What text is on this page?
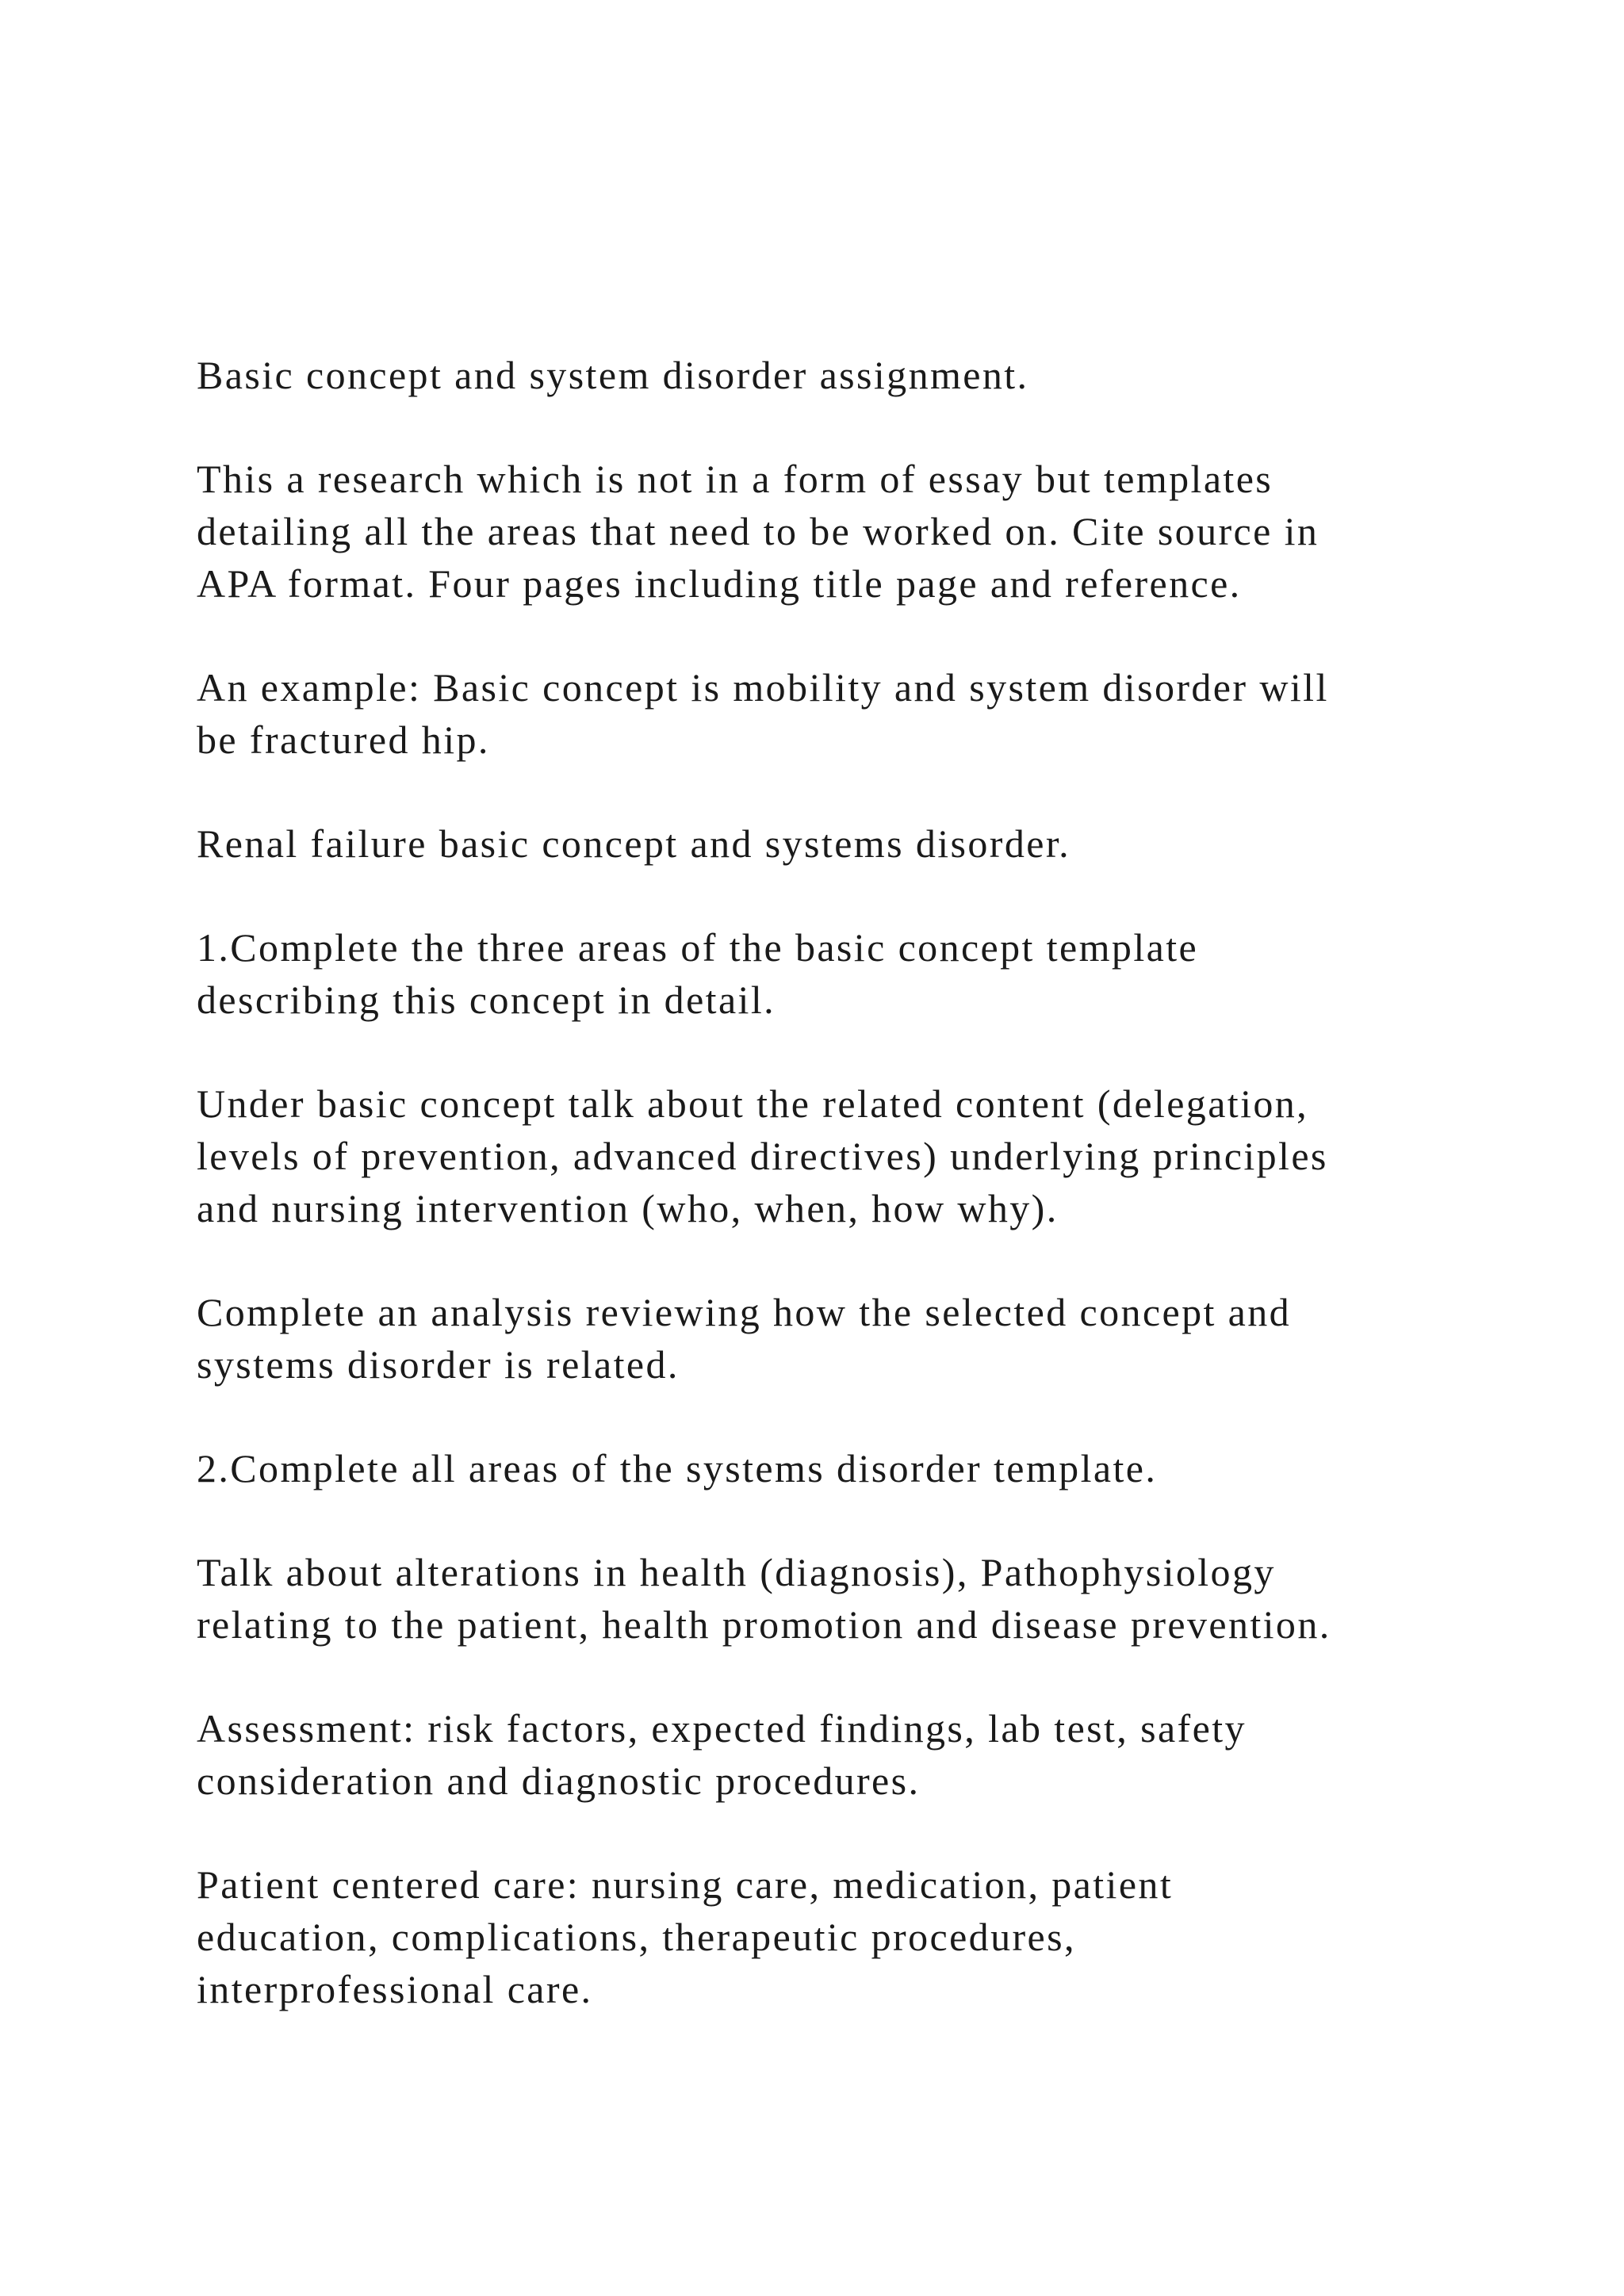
Basic concept and system disorder assignment.

This a research which is not in a form of essay but templates
detailing all the areas that need to be worked on. Cite source in
APA format. Four pages including title page and reference.

An example: Basic concept is mobility and system disorder will
be fractured hip.

Renal failure basic concept and systems disorder.

1.Complete the three areas of the basic concept template
describing this concept in detail.

Under basic concept talk about the related content (delegation,
levels of prevention, advanced directives) underlying principles
and nursing intervention (who, when, how why).

Complete an analysis reviewing how the selected concept and
systems disorder is related.

2.Complete all areas of the systems disorder template.

Talk about alterations in health (diagnosis), Pathophysiology
relating to the patient, health promotion and disease prevention.

Assessment: risk factors, expected findings, lab test, safety
consideration and diagnostic procedures.

Patient centered care: nursing care, medication, patient
education, complications, therapeutic procedures,
interprofessional care.
